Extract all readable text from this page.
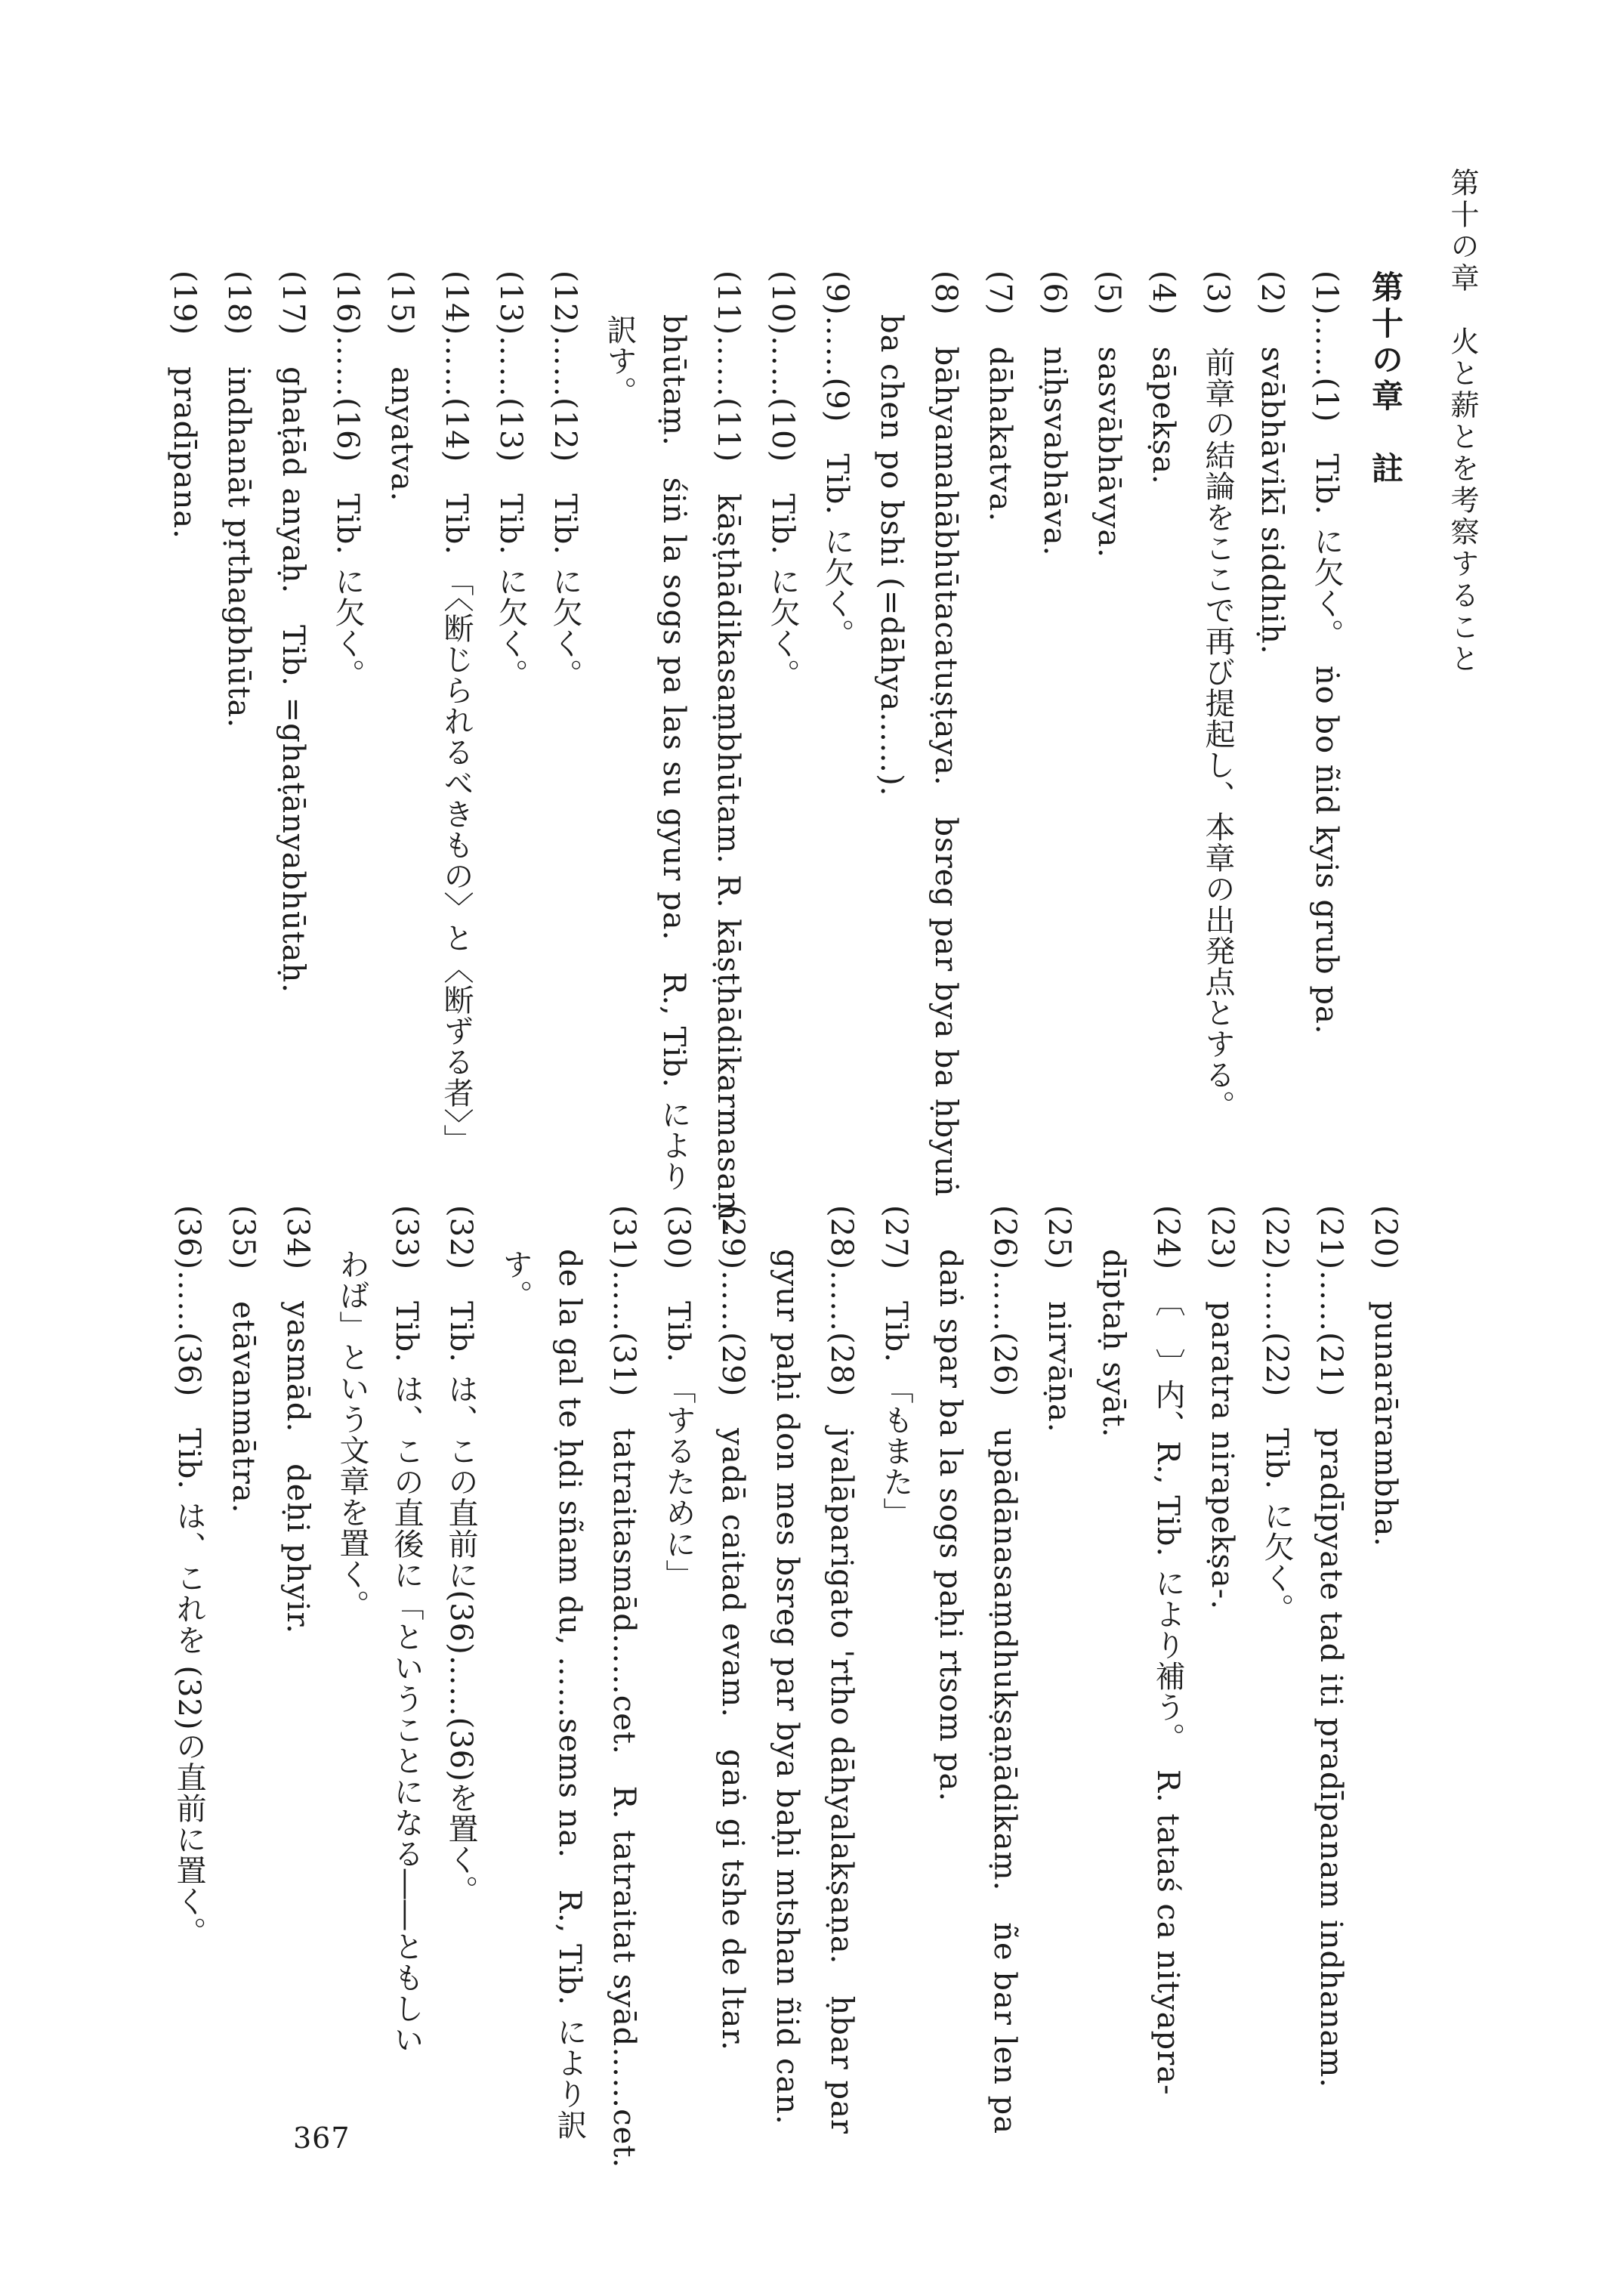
第十の章　火と薪とを考察すること
第十の章　註
(1)……(1)　Tib. に欠く。　ṅo bo ñid kyis grub pa.
(2)　svābhāvikī siddhiḥ.
(3)　前章の結論をここで再び提起し、本章の出発点とする。
(4)　sāpekṣa.
(5)　sasvābhāvya.
(6)　niḥsvabhāva.
(7)　dāhakatva.
(8)　bāhyamahābhūtacatuṣṭaya.　bsreg par bya ba ḥbyuṅ
ba chen po bshi (=dāhya……).
(9)……(9)　Tib. に欠く。
(10)……(10)　Tib. に欠く。
(11)……(11)　kāṣṭhādikasaṃbhūtam. R. kāṣṭhādikarmasaṃ-
bhūtaṃ.　śiṅ la sogs pa las su gyur pa.　R., Tib. により
訳す。
(12)……(12)　Tib. に欠く。
(13)……(13)　Tib. に欠く。
(14)……(14)　Tib. 「〈断じられるべきもの〉と〈断ずる者〉」
(15)　anyatva.
(16)……(16)　Tib. に欠く。
(17)　ghaṭād anyaḥ.　Tib. =ghaṭānyabhūtaḥ.
(18)　indhanāt pṛthagbhūta.
(19)　pradīpana.
(20)　punarārambha.
(21)……(21)　pradīpyate tad iti pradīpanam indhanam.
(22)……(22)　Tib. に欠く。
(23)　paratra nirapekṣa-.
(24)　〔　〕内、R., Tib. により補う。　R. tataś ca nityapra-
dīptaḥ syāt.
(25)　nirvāṇa.
(26)……(26)　upādānasaṃdhukṣaṇādikaṃ.　ñe bar len pa
daṅ spar ba la sogs paḥi rtsom pa.
(27)　Tib. 「もまた」
(28)……(28)　jvalāparigato 'rtho dāhyalakṣaṇa.　ḥbar par
gyur paḥi don mes bsreg par bya baḥi mtshan ñid can.
(29)……(29)　yadā caitad evam.　gaṅ gi tshe de ltar.
(30)　Tib. 「するために」
(31)……(31)　tatraitasmād……cet.　R. tatraitat syād……cet.
de la gal te ḥdi sñam du, ……sems na.　R., Tib. により訳
す。
(32)　Tib. は、この直前に(36)……(36)を置く。
(33)　Tib. は、この直後に「ということになる――ともしい
わば」という文章を置く。
(34)　yasmād.　deḥi phyir.
(35)　etāvanmātra.
(36)……(36)　Tib. は、これを (32)の直前に置く。
367
